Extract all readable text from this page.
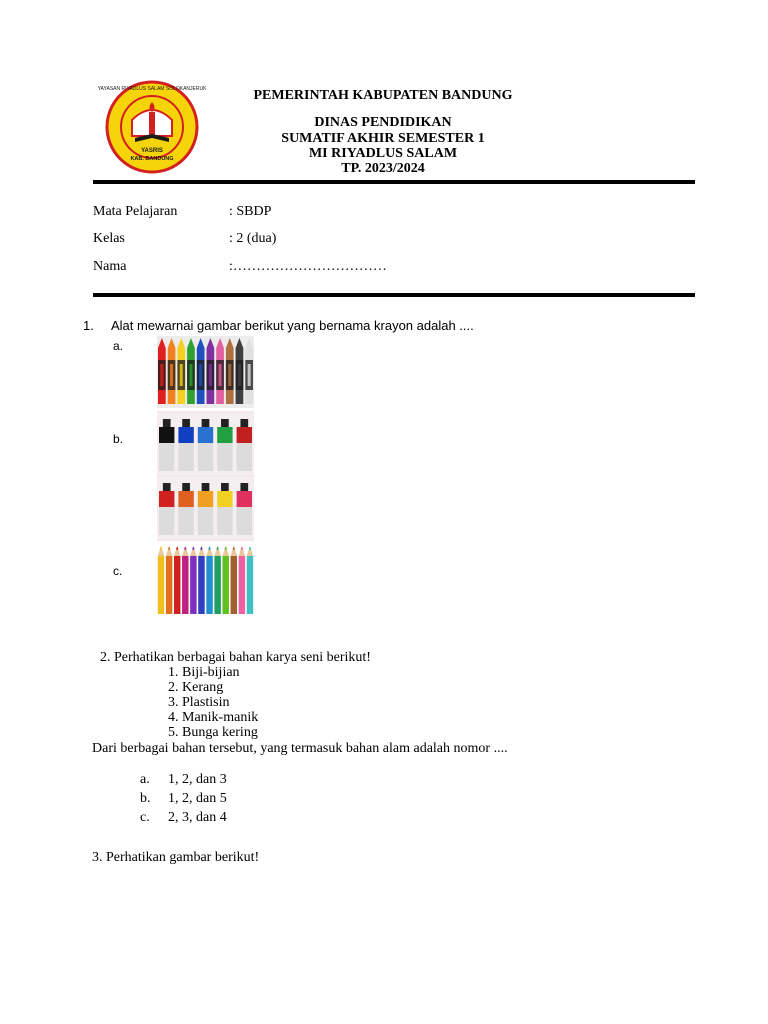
YAYASAN RIYADLUS SALAM SOLOKANJERUK
YASRIS
KAB. BANDUNG
PEMERINTAH KABUPATEN BANDUNG
DINAS PENDIDIKAN
SUMATIF AKHIR SEMESTER 1
MI RIYADLUS SALAM
TP. 2023/2024
Mata Pelajaran	: SBDP
Kelas	: 2 (dua)
Nama	:……………………………
1. Alat mewarnai gambar berikut yang bernama krayon adalah ....
a.
b.
c.
2. Perhatikan berbagai bahan karya seni berikut!
1. Biji-bijian
2. Kerang
3. Plastisin
4. Manik-manik
5. Bunga kering
Dari berbagai bahan tersebut, yang termasuk bahan alam adalah nomor ....
a. 1, 2, dan 3
b. 1, 2, dan 5
c. 2, 3, dan 4
3. Perhatikan gambar berikut!
